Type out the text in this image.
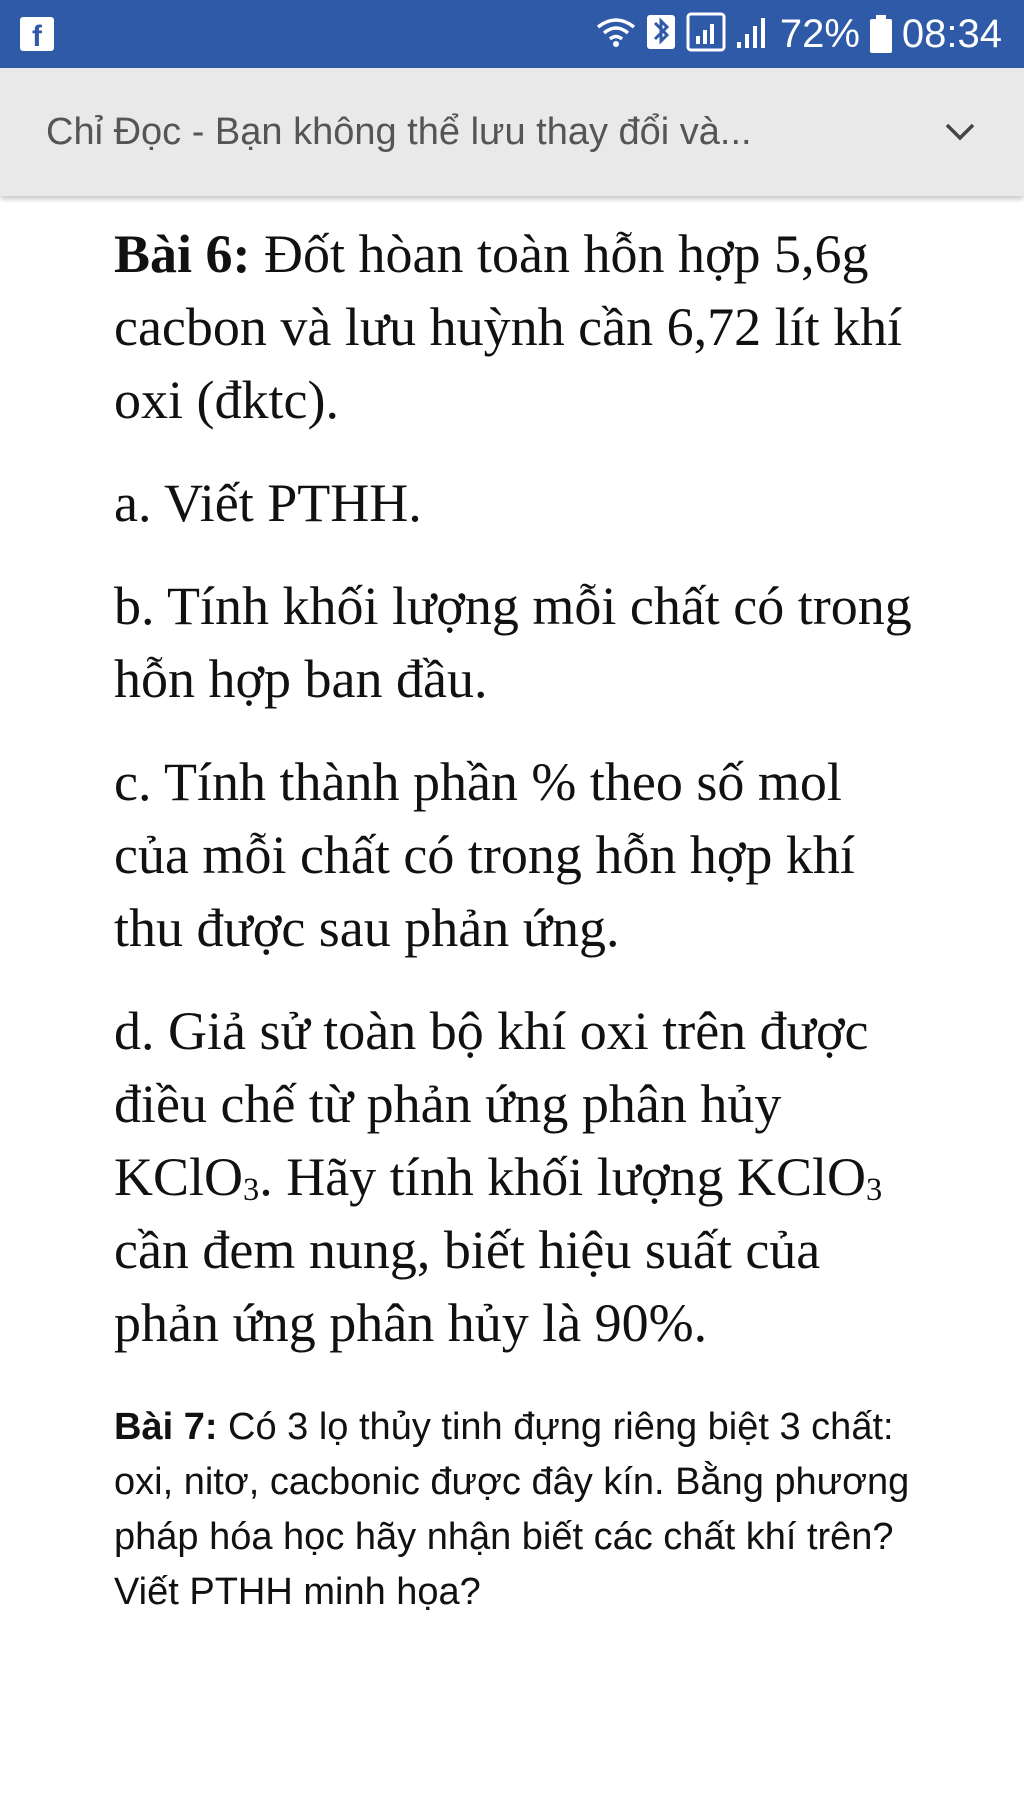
f	72% 08:34
Chỉ Đọc - Bạn không thể lưu thay đổi và...

Bài 6: Đốt hòan toàn hỗn hợp 5,6g cacbon và lưu huỳnh cần 6,72 lít khí oxi (đktc).

a. Viết PTHH.

b. Tính khối lượng mỗi chất có trong hỗn hợp ban đầu.

c. Tính thành phần % theo số mol của mỗi chất có trong hỗn hợp khí thu được sau phản ứng.

d. Giả sử toàn bộ khí oxi trên được điều chế từ phản ứng phân hủy KClO$_3$. Hãy tính khối lượng KClO$_3$ cần đem nung, biết hiệu suất của phản ứng phân hủy là 90%.

Bài 7: Có 3 lọ thủy tinh đựng riêng biệt 3 chất: oxi, nitơ, cacbonic được đây kín. Bằng phương pháp hóa học hãy nhận biết các chất khí trên? Viết PTHH minh họa?
